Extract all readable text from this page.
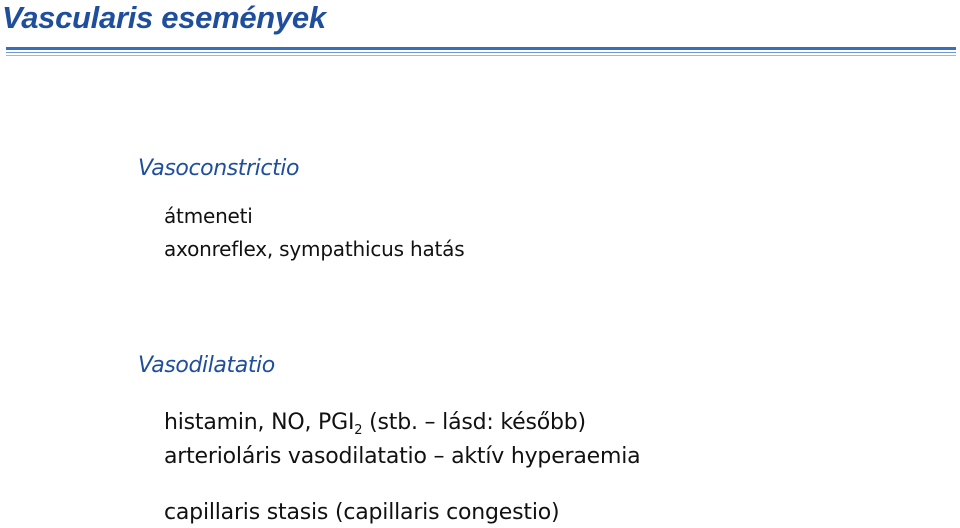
Vascularis események
Vasoconstrictio
átmeneti
axonreflex, sympathicus hatás
Vasodilatatio
histamin, NO, $PGI_2$ (stb. – lásd: később)
arterioláris vasodilatatio – aktív hyperaemia
capillaris stasis (capillaris congestio)
